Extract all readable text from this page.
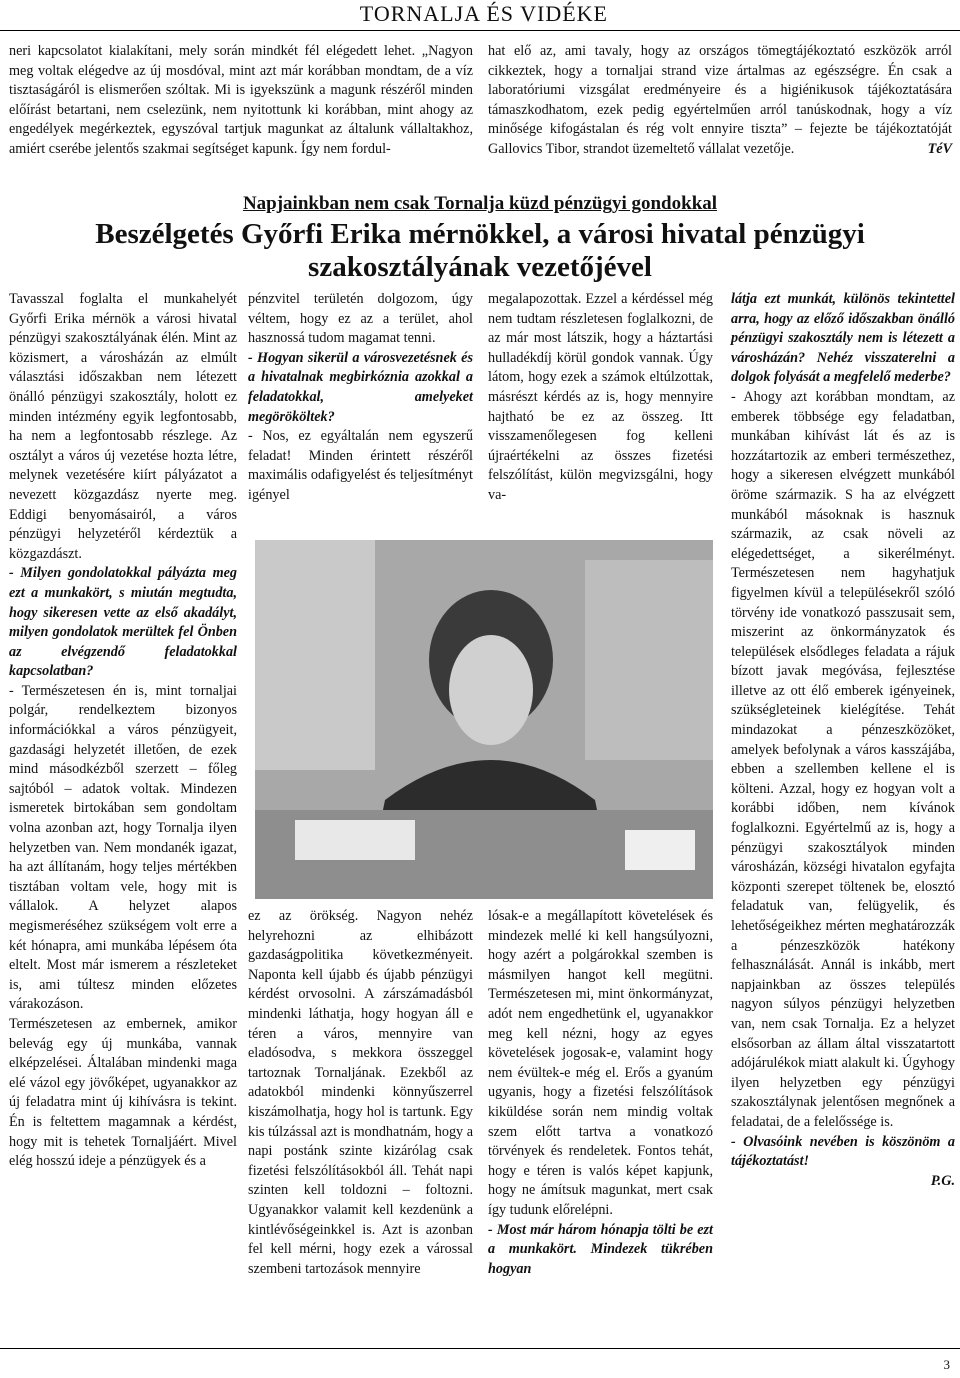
TORNALJA ÉS VIDÉKE

neri kapcsolatot kialakítani, mely során mindkét fél elégedett lehet. „Nagyon meg voltak elégedve az új mosdóval, mint azt már korábban mondtam, de a víz tisztaságáról is elismerően szóltak. Mi is igyekszünk a magunk részéről minden előírást betartani, nem cselezünk, nem nyitottunk ki korábban, mint ahogy az engedélyek megérkeztek, egyszóval tartjuk magunkat az általunk vállaltakhoz, amiért cserébe jelentős szakmai segítséget kapunk. Így nem fordul-

hat elő az, ami tavaly, hogy az országos tömegtájékoztató eszközök arról cikkeztek, hogy a tornaljai strand vize ártalmas az egészségre. Én csak a laboratóriumi vizsgálat eredményeire és a higiénikusok tájékoztatására támaszkodhatom, ezek pedig egyértelműen arról tanúskodnak, hogy a víz minősége kifogástalan és rég volt ennyire tiszta” – fejezte be tájékoztatóját Gallovics Tibor, strandot üzemeltető vállalat vezetője.	TéV

Napjainkban nem csak Tornalja küzd pénzügyi gondokkal
Beszélgetés Győrfi Erika mérnökkel, a városi hivatal pénzügyi szakosztályának vezetőjével

Tavasszal foglalta el munkahelyét Győrfi Erika mérnök a városi hivatal pénzügyi szakosztályának élén. Mint az közismert, a városházán az elmúlt választási időszakban nem létezett önálló pénzügyi szakosztály, holott ez minden intézmény egyik legfontosabb, ha nem a legfontosabb részlege. Az osztályt a város új vezetése hozta létre, melynek vezetésére kiírt pályázatot a nevezett közgazdász nyerte meg. Eddigi benyomásairól, a város pénzügyi helyzetéről kérdeztük a közgazdászt.

- Milyen gondolatokkal pályázta meg ezt a munkakört, s miután megtudta, hogy sikeresen vette az első akadályt, milyen gondolatok merültek fel Önben az elvégzendő feladatokkal kapcsolatban?

- Természetesen én is, mint tornaljai polgár, rendelkeztem bizonyos információkkal a város pénzügyeit, gazdasági helyzetét illetően, de ezek mind másodkézből szerzett – főleg sajtóból – adatok voltak. Mindezen ismeretek birtokában sem gondoltam volna azonban azt, hogy Tornalja ilyen helyzetben van. Nem mondanék igazat, ha azt állítanám, hogy teljes mértékben tisztában voltam vele, hogy mit is vállalok. A helyzet alapos megismeréséhez szükségem volt erre a két hónapra, ami munkába lépésem óta eltelt. Most már ismerem a részleteket is, ami túltesz minden előzetes várakozáson.

Természetesen az embernek, amikor belevág egy új munkába, vannak elképzelései. Általában mindenki maga elé vázol egy jövőképet, ugyanakkor az új feladatra mint új kihívásra is tekint. Én is feltettem magamnak a kérdést, hogy mit is tehetek Tornaljáért. Mivel elég hosszú ideje a pénzügyek és a

pénzvitel területén dolgozom, úgy véltem, hogy ez az a terület, ahol hasznossá tudom magamat tenni.

- Hogyan sikerül a városvezetésnek és a hivatalnak megbirkóznia azokkal a feladatokkal, amelyeket megörököltek?

- Nos, ez egyáltalán nem egyszerű feladat! Minden érintett részéről maximális odafigyelést és teljesítményt igényel

megalapozottak. Ezzel a kérdéssel még nem tudtam részletesen foglalkozni, de az már most látszik, hogy a háztartási hulladékdíj körül gondok vannak. Úgy látom, hogy ezek a számok eltúlzottak, másrészt kérdés az is, hogy mennyire hajtható be ez az összeg. Itt visszamenőlegesen fog kelleni újraértékelni az összes fizetési felszólítást, külön megvizsgálni, hogy va-

látja ezt munkát, különös tekintettel arra, hogy az előző időszakban önálló pénzügyi szakosztály nem is létezett a városházán? Nehéz visszaterelni a dolgok folyását a megfelelő mederbe?

- Ahogy azt korábban mondtam, az emberek többsége egy feladatban, munkában kihívást lát és az is hozzátartozik az emberi természethez, hogy a sikeresen elvégzett munkából öröme származik. S ha az elvégzett munkából másoknak is hasznuk származik, az csak növeli az elégedettséget, a sikerélményt. Természetesen nem hagyhatjuk figyelmen kívül a településekről szóló törvény ide vonatkozó passzusait sem, miszerint az önkormányzatok és települések elsődleges feladata a rájuk bízott javak megóvása, fejlesztése illetve az ott élő emberek igényeinek, szükségleteinek kielégítése. Tehát mindazokat a pénzeszközöket, amelyek befolynak a város kasszájába, ebben a szellemben kellene el is költeni. Azzal, hogy ez hogyan volt a korábbi időben, nem kívánok foglalkozni. Egyértelmű az is, hogy a pénzügyi szakosztályok minden városházán, községi hivatalon egyfajta központi szerepet töltenek be, elosztó feladatuk van, felügyelik, és lehetőségeikhez mérten meghatározzák a pénzeszközök hatékony felhasználását. Annál is inkább, mert napjainkban az összes település nagyon súlyos pénzügyi helyzetben van, nem csak Tornalja. Ez a helyzet elsősorban az állam által visszatartott adójárulékok miatt alakult ki. Úgyhogy ilyen helyzetben egy pénzügyi szakosztálynak jelentősen megnőnek a feladatai, de a felelőssége is.

- Olvasóink nevében is köszönöm a tájékoztatást!

P.G.

ez az örökség. Nagyon nehéz helyrehozni az elhibázott gazdaságpolitika következményeit. Naponta kell újabb és újabb pénzügyi kérdést orvosolni. A zárszámadásból mindenki láthatja, hogy hogyan áll e téren a város, mennyire van eladósodva, s mekkora összeggel tartoznak Tornaljának. Ezekből az adatokból mindenki könnyűszerrel kiszámolhatja, hogy hol is tartunk. Egy kis túlzással azt is mondhatnám, hogy a napi postánk szinte kizárólag csak fizetési felszólításokból áll. Tehát napi szinten kell toldozni – foltozni. Ugyanakkor valamit kell kezdenünk a kintlévőségeinkkel is. Azt is azonban fel kell mérni, hogy ezek a várossal szembeni tartozások mennyire

lósak-e a megállapított követelések és mindezek mellé ki kell hangsúlyozni, hogy azért a polgárokkal szemben is másmilyen hangot kell megütni. Természetesen mi, mint önkormányzat, adót nem engedhetünk el, ugyanakkor meg kell nézni, hogy az egyes követelések jogosak-e, valamint hogy nem évültek-e még el. Erős a gyanúm ugyanis, hogy a fizetési felszólítások kiküldése során nem mindig voltak szem előtt tartva a vonatkozó törvények és rendeletek. Fontos tehát, hogy e téren is valós képet kapjunk, hogy ne ámítsuk magunkat, mert csak így tudunk előrelépni.

- Most már három hónapja tölti be ezt a munkakört. Mindezek tükrében hogyan

3
